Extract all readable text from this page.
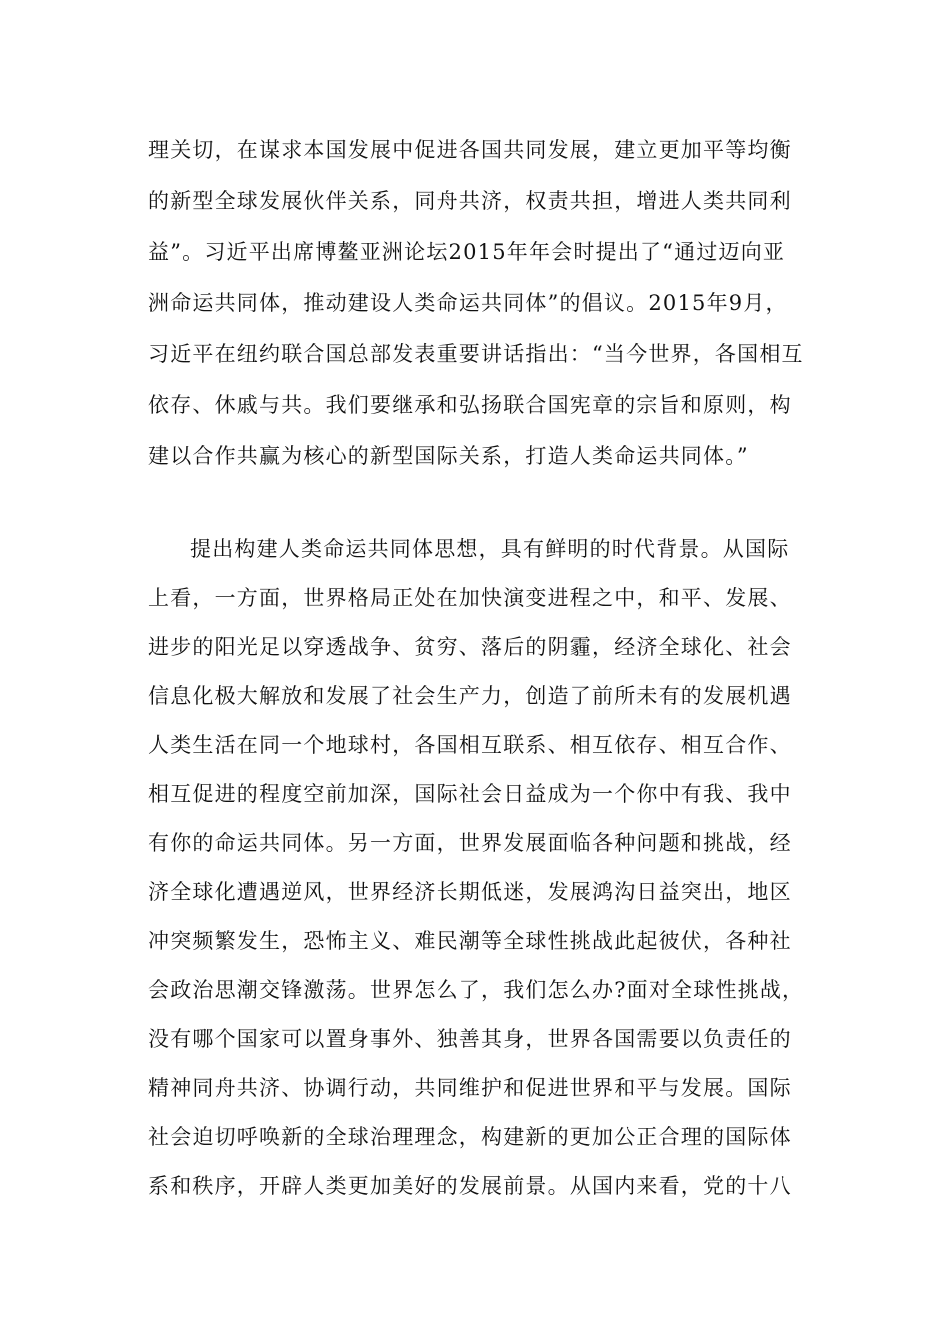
理关切，在谋求本国发展中促进各国共同发展，建立更加平等均衡
的新型全球发展伙伴关系，同舟共济，权责共担，增进人类共同利
益”。习近平出席博鳌亚洲论坛2015年年会时提出了“通过迈向亚
洲命运共同体，推动建设人类命运共同体”的倡议。2015年9月，
习近平在纽约联合国总部发表重要讲话指出：“当今世界，各国相互
依存、休戚与共。我们要继承和弘扬联合国宪章的宗旨和原则，构
建以合作共赢为核心的新型国际关系，打造人类命运共同体。”
提出构建人类命运共同体思想，具有鲜明的时代背景。从国际
上看，一方面，世界格局正处在加快演变进程之中，和平、发展、
进步的阳光足以穿透战争、贫穷、落后的阴霾，经济全球化、社会
信息化极大解放和发展了社会生产力，创造了前所未有的发展机遇
人类生活在同一个地球村，各国相互联系、相互依存、相互合作、
相互促进的程度空前加深，国际社会日益成为一个你中有我、我中
有你的命运共同体。另一方面，世界发展面临各种问题和挑战，经
济全球化遭遇逆风，世界经济长期低迷，发展鸿沟日益突出，地区
冲突频繁发生，恐怖主义、难民潮等全球性挑战此起彼伏，各种社
会政治思潮交锋激荡。世界怎么了，我们怎么办?面对全球性挑战，
没有哪个国家可以置身事外、独善其身，世界各国需要以负责任的
精神同舟共济、协调行动，共同维护和促进世界和平与发展。国际
社会迫切呼唤新的全球治理理念，构建新的更加公正合理的国际体
系和秩序，开辟人类更加美好的发展前景。从国内来看，党的十八
